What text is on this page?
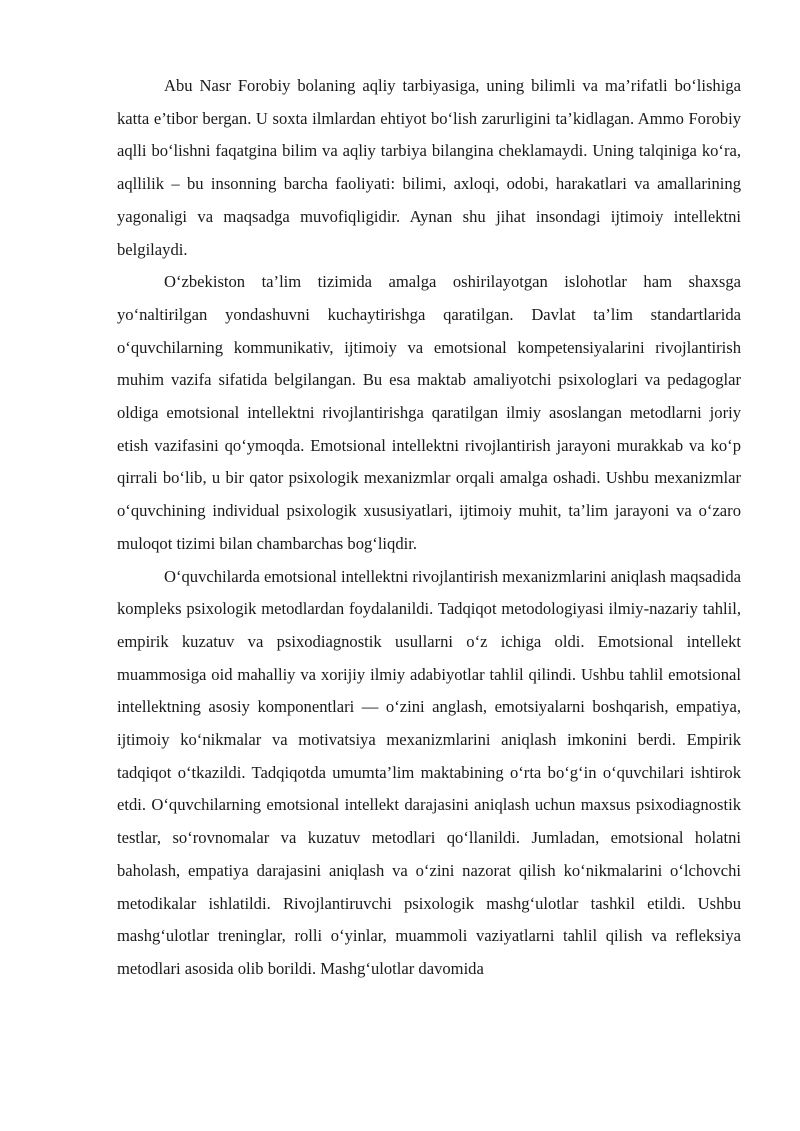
Abu Nasr Forobiy bolaning aqliy tarbiyasiga, uning bilimli va ma’rifatli bo‘lishiga katta e’tibor bergan. U soxta ilmlardan ehtiyot bo‘lish zarurligini ta’kidlagan. Ammo Forobiy aqlli bo‘lishni faqatgina bilim va aqliy tarbiya bilangina cheklamaydi. Uning talqiniga ko‘ra, aqllilik – bu insonning barcha faoliyati: bilimi, axloqi, odobi, harakatlari va amallarining yagonaligi va maqsadga muvofiqligidir. Aynan shu jihat insondagi ijtimoiy intellektni belgilaydi.

O‘zbekiston ta’lim tizimida amalga oshirilayotgan islohotlar ham shaxsga yo‘naltirilgan yondashuvni kuchaytirishga qaratilgan. Davlat ta’lim standartlarida o‘quvchilarning kommunikativ, ijtimoiy va emotsional kompetensiyalarini rivojlantirish muhim vazifa sifatida belgilangan. Bu esa maktab amaliyotchi psixologlari va pedagoglar oldiga emotsional intellektni rivojlantirishga qaratilgan ilmiy asoslangan metodlarni joriy etish vazifasini qo‘ymoqda. Emotsional intellektni rivojlantirish jarayoni murakkab va ko‘p qirrali bo‘lib, u bir qator psixologik mexanizmlar orqali amalga oshadi. Ushbu mexanizmlar o‘quvchining individual psixologik xususiyatlari, ijtimoiy muhit, ta’lim jarayoni va o‘zaro muloqot tizimi bilan chambarchas bog‘liqdir.

O‘quvchilarda emotsional intellektni rivojlantirish mexanizmlarini aniqlash maqsadida kompleks psixologik metodlardan foydalanildi. Tadqiqot metodologiyasi ilmiy-nazariy tahlil, empirik kuzatuv va psixodiagnostik usullarni o‘z ichiga oldi. Emotsional intellekt muammosiga oid mahalliy va xorijiy ilmiy adabiyotlar tahlil qilindi. Ushbu tahlil emotsional intellektning asosiy komponentlari — o‘zini anglash, emotsiyalarni boshqarish, empatiya, ijtimoiy ko‘nikmalar va motivatsiya mexanizmlarini aniqlash imkonini berdi. Empirik tadqiqot o‘tkazildi. Tadqiqotda umumta’lim maktabining o‘rta bo‘g‘in o‘quvchilari ishtirok etdi. O‘quvchilarning emotsional intellekt darajasini aniqlash uchun maxsus psixodiagnostik testlar, so‘rovnomalar va kuzatuv metodlari qo‘llanildi. Jumladan, emotsional holatni baholash, empatiya darajasini aniqlash va o‘zini nazorat qilish ko‘nikmalarini o‘lchovchi metodikalar ishlatildi. Rivojlantiruvchi psixologik mashg‘ulotlar tashkil etildi. Ushbu mashg‘ulotlar treninglar, rolli o‘yinlar, muammoli vaziyatlarni tahlil qilish va refleksiya metodlari asosida olib borildi. Mashg‘ulotlar davomida
